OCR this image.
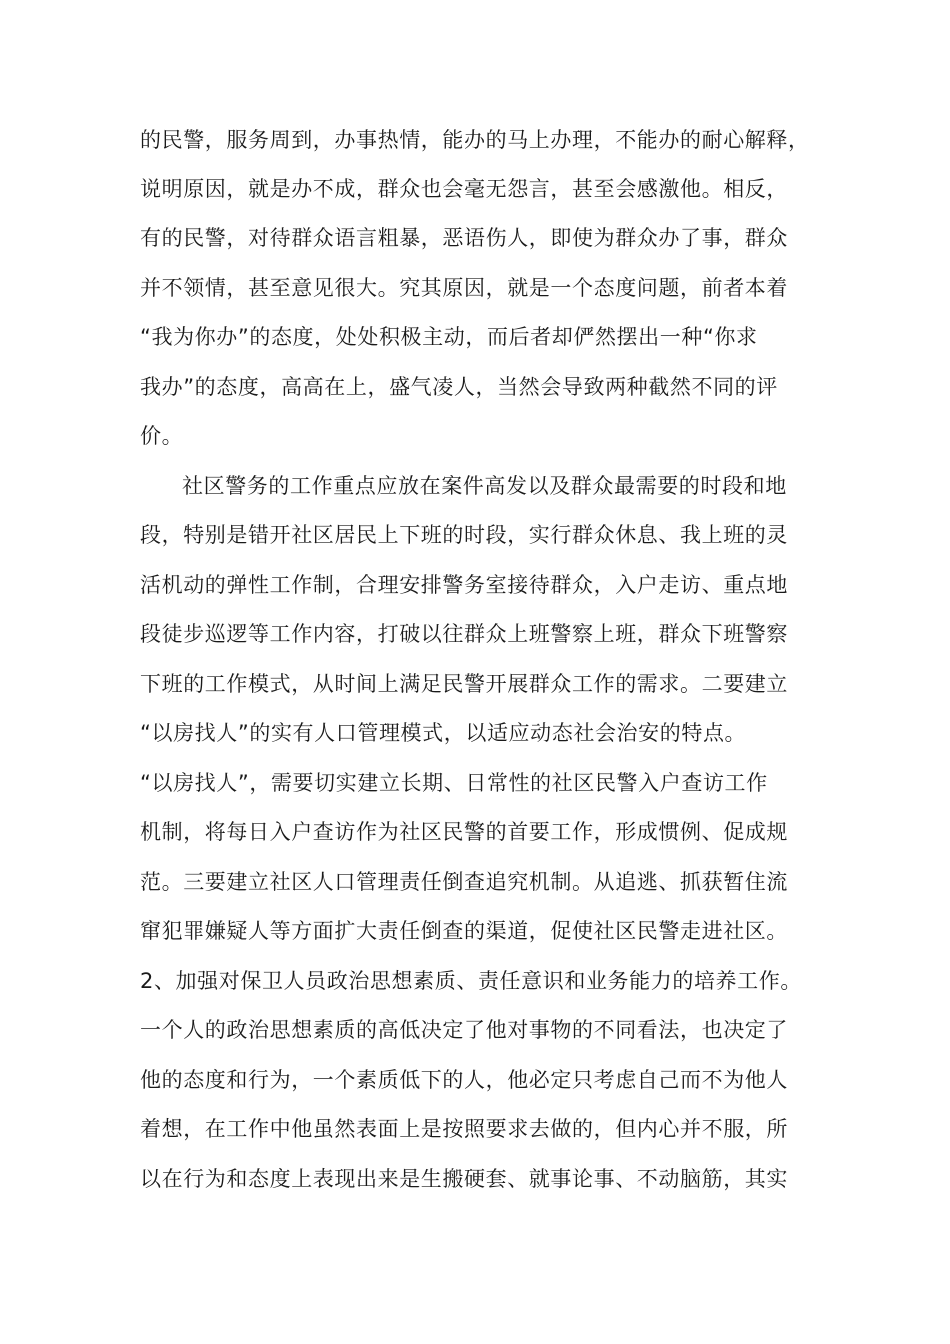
的民警，服务周到，办事热情，能办的马上办理，不能办的耐心解释，
说明原因，就是办不成，群众也会毫无怨言，甚至会感激他。相反，
有的民警，对待群众语言粗暴，恶语伤人，即使为群众办了事，群众
并不领情，甚至意见很大。究其原因，就是一个态度问题，前者本着
“我为你办”的态度，处处积极主动，而后者却俨然摆出一种“你求
我办”的态度，高高在上，盛气凌人，当然会导致两种截然不同的评
价。
社区警务的工作重点应放在案件高发以及群众最需要的时段和地
段，特别是错开社区居民上下班的时段，实行群众休息、我上班的灵
活机动的弹性工作制，合理安排警务室接待群众，入户走访、重点地
段徒步巡逻等工作内容，打破以往群众上班警察上班，群众下班警察
下班的工作模式，从时间上满足民警开展群众工作的需求。二要建立
“以房找人”的实有人口管理模式，以适应动态社会治安的特点。
“以房找人”，需要切实建立长期、日常性的社区民警入户查访工作
机制，将每日入户查访作为社区民警的首要工作，形成惯例、促成规
范。三要建立社区人口管理责任倒查追究机制。从追逃、抓获暂住流
窜犯罪嫌疑人等方面扩大责任倒查的渠道，促使社区民警走进社区。
2、加强对保卫人员政治思想素质、责任意识和业务能力的培养工作。
一个人的政治思想素质的高低决定了他对事物的不同看法，也决定了
他的态度和行为，一个素质低下的人，他必定只考虑自己而不为他人
着想，在工作中他虽然表面上是按照要求去做的，但内心并不服，所
以在行为和态度上表现出来是生搬硬套、就事论事、不动脑筋，其实
